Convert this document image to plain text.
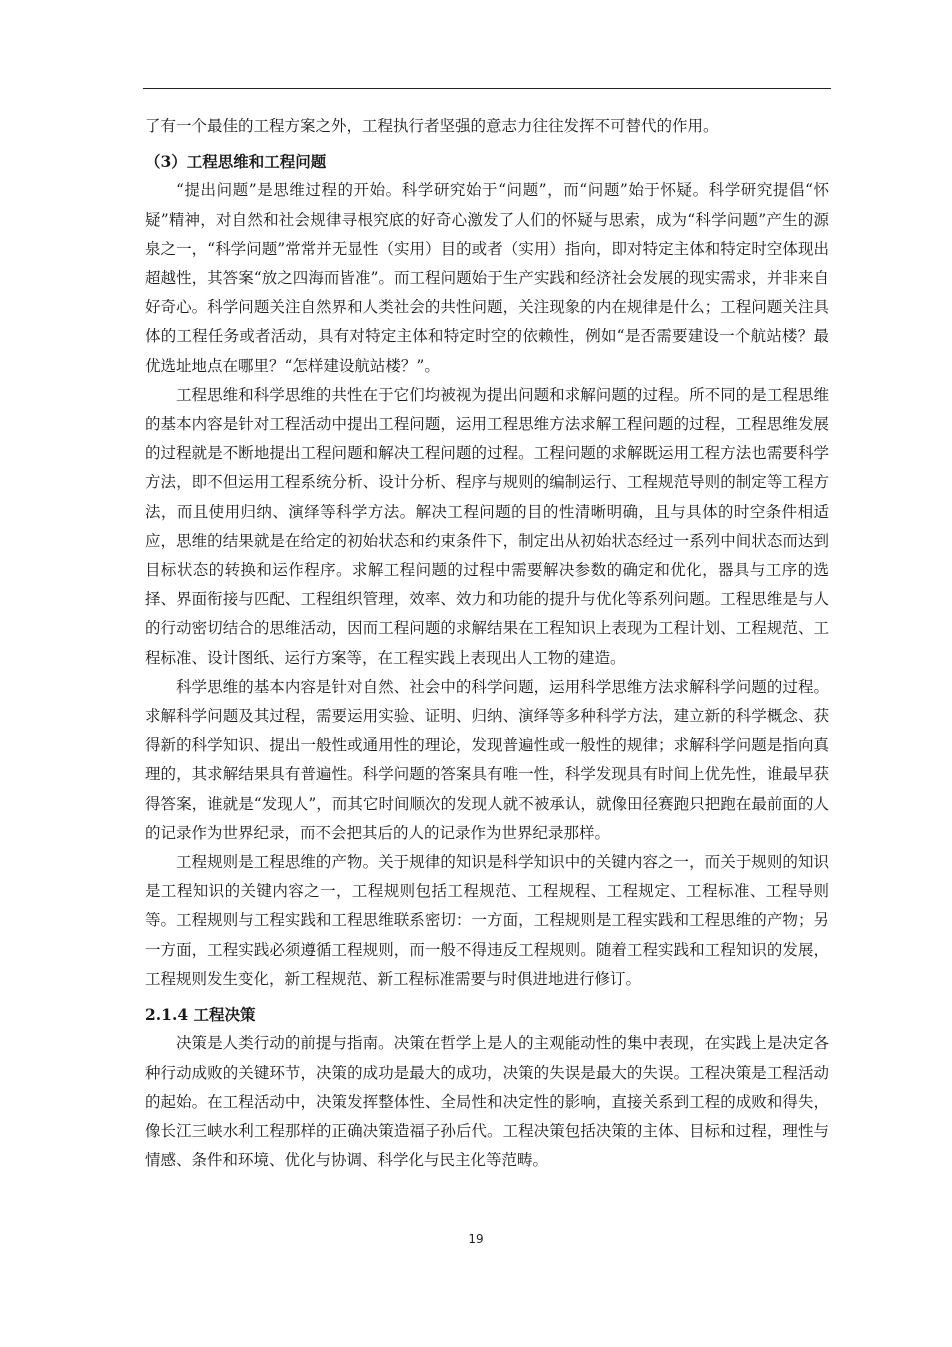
了有一个最佳的工程方案之外，工程执行者坚强的意志力往往发挥不可替代的作用。

（3）工程思维和工程问题

“提出问题”是思维过程的开始。科学研究始于“问题”，而“问题”始于怀疑。科学研究提倡“怀疑”精神，对自然和社会规律寻根究底的好奇心激发了人们的怀疑与思索，成为“科学问题”产生的源泉之一，“科学问题”常常并无显性（实用）目的或者（实用）指向，即对特定主体和特定时空体现出超越性，其答案“放之四海而皆准”。而工程问题始于生产实践和经济社会发展的现实需求，并非来自好奇心。科学问题关注自然界和人类社会的共性问题，关注现象的内在规律是什么；工程问题关注具体的工程任务或者活动，具有对特定主体和特定时空的依赖性，例如“是否需要建设一个航站楼？最优选址地点在哪里？“怎样建设航站楼？”。

工程思维和科学思维的共性在于它们均被视为提出问题和求解问题的过程。所不同的是工程思维的基本内容是针对工程活动中提出工程问题，运用工程思维方法求解工程问题的过程，工程思维发展的过程就是不断地提出工程问题和解决工程问题的过程。工程问题的求解既运用工程方法也需要科学方法，即不但运用工程系统分析、设计分析、程序与规则的编制运行、工程规范导则的制定等工程方法，而且使用归纳、演绎等科学方法。解决工程问题的目的性清晰明确，且与具体的时空条件相适应，思维的结果就是在给定的初始状态和约束条件下，制定出从初始状态经过一系列中间状态而达到目标状态的转换和运作程序。求解工程问题的过程中需要解决参数的确定和优化，器具与工序的选择、界面衔接与匹配、工程组织管理，效率、效力和功能的提升与优化等系列问题。工程思维是与人的行动密切结合的思维活动，因而工程问题的求解结果在工程知识上表现为工程计划、工程规范、工程标准、设计图纸、运行方案等，在工程实践上表现出人工物的建造。

科学思维的基本内容是针对自然、社会中的科学问题，运用科学思维方法求解科学问题的过程。求解科学问题及其过程，需要运用实验、证明、归纳、演绎等多种科学方法，建立新的科学概念、获得新的科学知识、提出一般性或通用性的理论，发现普遍性或一般性的规律；求解科学问题是指向真理的，其求解结果具有普遍性。科学问题的答案具有唯一性，科学发现具有时间上优先性，谁最早获得答案，谁就是“发现人”，而其它时间顺次的发现人就不被承认，就像田径赛跑只把跑在最前面的人的记录作为世界纪录，而不会把其后的人的记录作为世界纪录那样。

工程规则是工程思维的产物。关于规律的知识是科学知识中的关键内容之一，而关于规则的知识是工程知识的关键内容之一，工程规则包括工程规范、工程规程、工程规定、工程标准、工程导则等。工程规则与工程实践和工程思维联系密切：一方面，工程规则是工程实践和工程思维的产物；另一方面，工程实践必须遵循工程规则，而一般不得违反工程规则。随着工程实践和工程知识的发展，工程规则发生变化，新工程规范、新工程标准需要与时俱进地进行修订。

2.1.4 工程决策

决策是人类行动的前提与指南。决策在哲学上是人的主观能动性的集中表现，在实践上是决定各种行动成败的关键环节，决策的成功是最大的成功，决策的失误是最大的失误。工程决策是工程活动的起始。在工程活动中，决策发挥整体性、全局性和决定性的影响，直接关系到工程的成败和得失，像长江三峡水利工程那样的正确决策造福子孙后代。工程决策包括决策的主体、目标和过程，理性与情感、条件和环境、优化与协调、科学化与民主化等范畴。

19
